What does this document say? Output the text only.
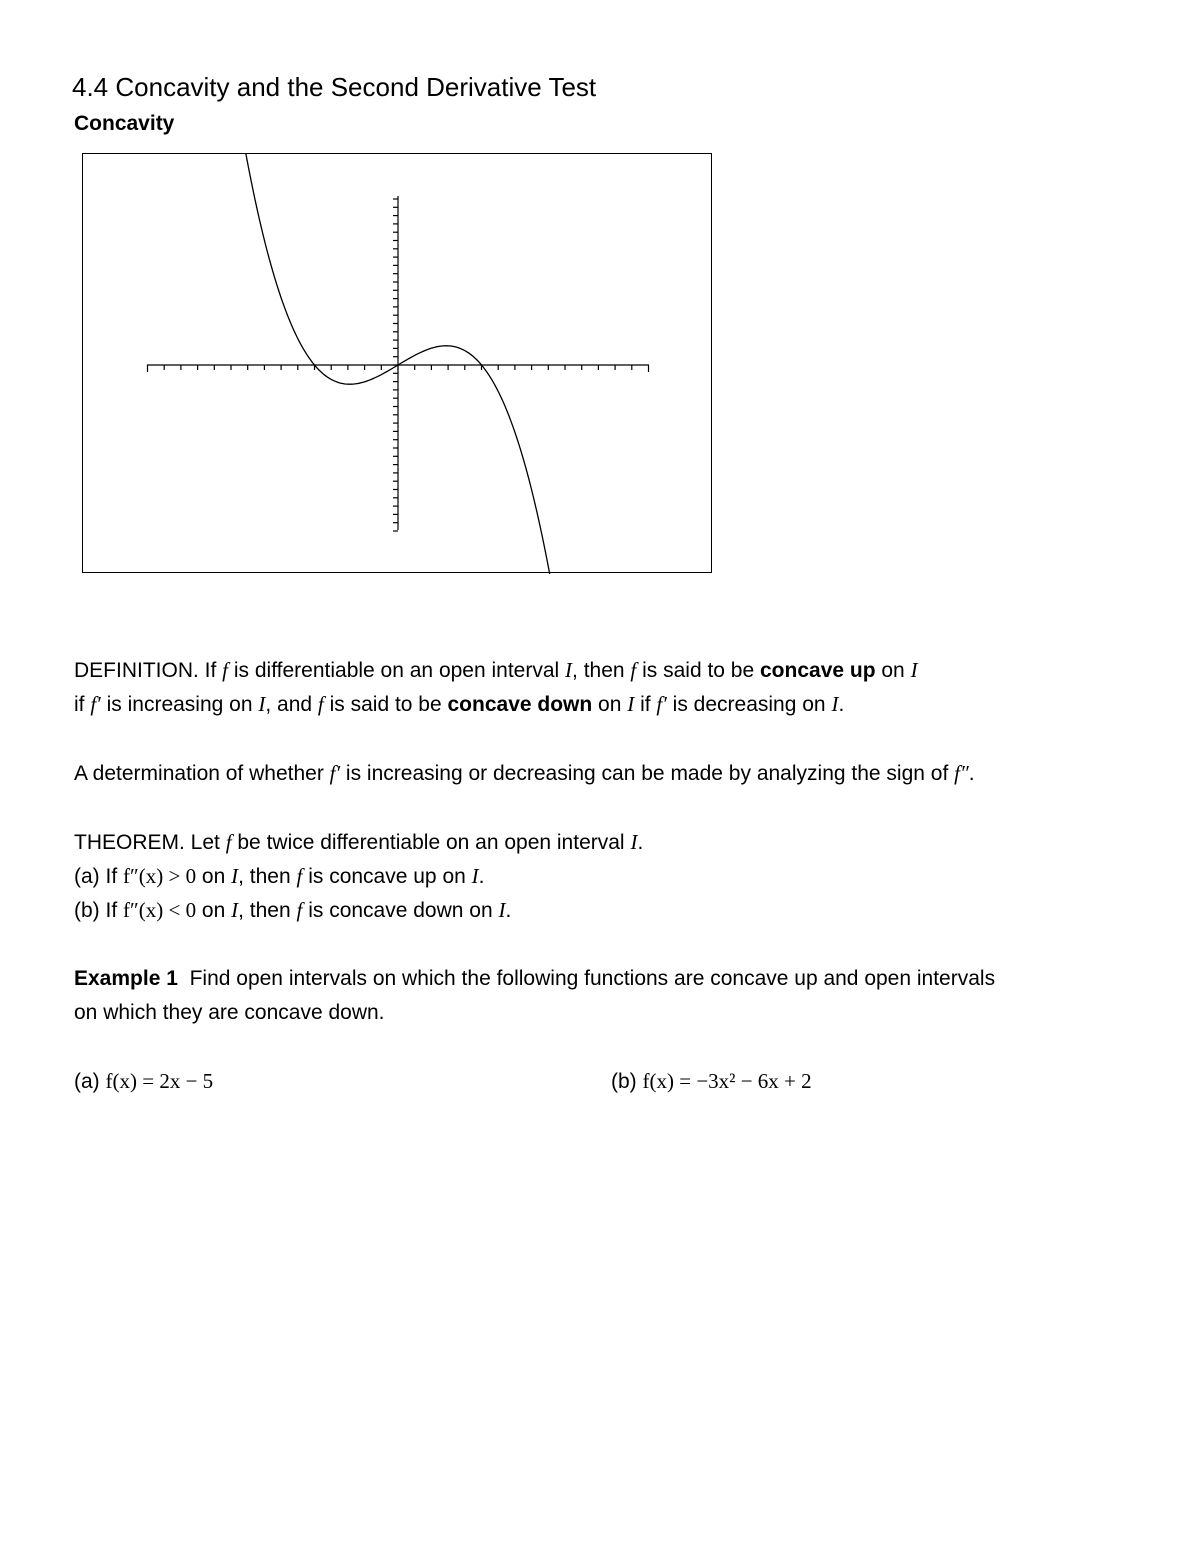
4.4 Concavity and the Second Derivative Test
Concavity
DEFINITION. If f is differentiable on an open interval I, then f is said to be concave up on I
if f′ is increasing on I, and f is said to be concave down on I if f′ is decreasing on I.
A determination of whether f′ is increasing or decreasing can be made by analyzing the sign of f″.
THEOREM. Let f be twice differentiable on an open interval I.
(a) If f″(x) > 0 on I, then f is concave up on I.
(b) If f″(x) < 0 on I, then f is concave down on I.
Example 1  Find open intervals on which the following functions are concave up and open intervals
on which they are concave down.
(a) f(x) = 2x − 5	(b) f(x) = −3x² − 6x + 2
